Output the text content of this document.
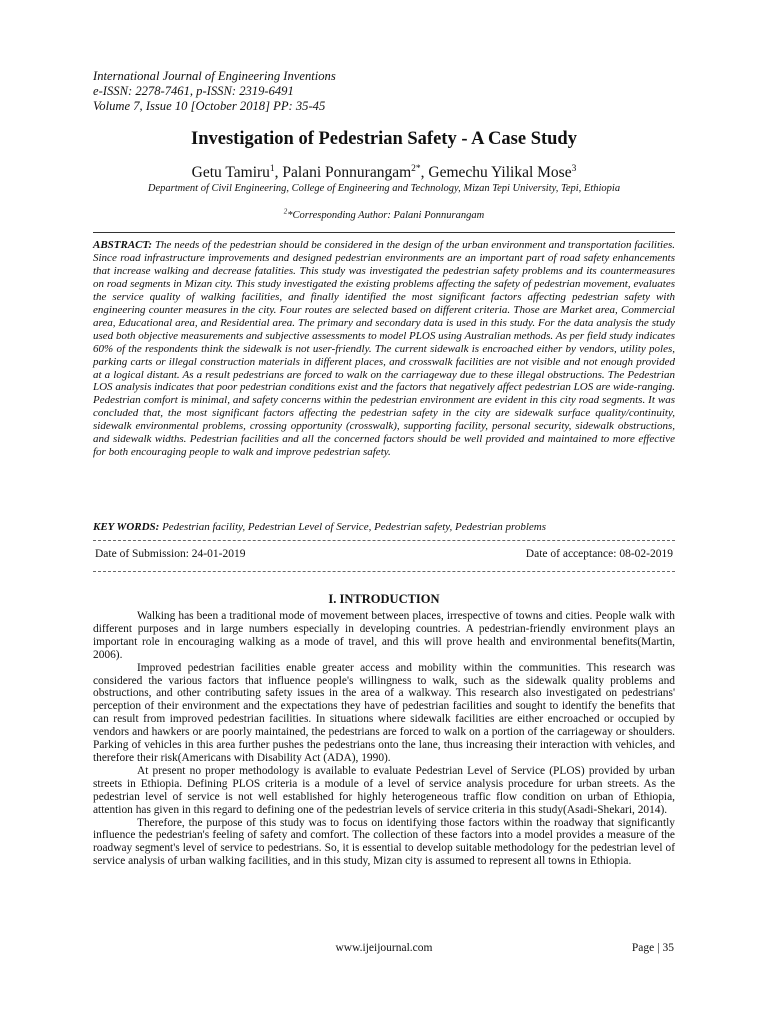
International Journal of Engineering Inventions
e-ISSN: 2278-7461, p-ISSN: 2319-6491
Volume 7, Issue 10 [October 2018] PP: 35-45
Investigation of Pedestrian Safety - A Case Study
Getu Tamiru$^1$, Palani Ponnurangam$^{2*}$, Gemechu Yilikal Mose$^3$
Department of Civil Engineering, College of Engineering and Technology, Mizan Tepi University, Tepi, Ethiopia
$^2$*Corresponding Author: Palani Ponnurangam
ABSTRACT: The needs of the pedestrian should be considered in the design of the urban environment and transportation facilities. Since road infrastructure improvements and designed pedestrian environments are an important part of road safety enhancements that increase walking and decrease fatalities. This study was investigated the pedestrian safety problems and its countermeasures on road segments in Mizan city. This study investigated the existing problems affecting the safety of pedestrian movement, evaluates the service quality of walking facilities, and finally identified the most significant factors affecting pedestrian safety with engineering counter measures in the city. Four routes are selected based on different criteria. Those are Market area, Commercial area, Educational area, and Residential area. The primary and secondary data is used in this study. For the data analysis the study used both objective measurements and subjective assessments to model PLOS using Australian methods. As per field study indicates 60% of the respondents think the sidewalk is not user-friendly. The current sidewalk is encroached either by vendors, utility poles, parking carts or illegal construction materials in different places, and crosswalk facilities are not visible and not enough provided at a logical distant. As a result pedestrians are forced to walk on the carriageway due to these illegal obstructions. The Pedestrian LOS analysis indicates that poor pedestrian conditions exist and the factors that negatively affect pedestrian LOS are wide-ranging. Pedestrian comfort is minimal, and safety concerns within the pedestrian environment are evident in this city road segments. It was concluded that, the most significant factors affecting the pedestrian safety in the city are sidewalk surface quality/continuity, sidewalk environmental problems, crossing opportunity (crosswalk), supporting facility, personal security, sidewalk obstructions, and sidewalk widths. Pedestrian facilities and all the concerned factors should be well provided and maintained to more effective for both encouraging people to walk and improve pedestrian safety.
KEY WORDS: Pedestrian facility, Pedestrian Level of Service, Pedestrian safety, Pedestrian problems
Date of Submission: 24-01-2019	Date of acceptance: 08-02-2019
I. INTRODUCTION

Walking has been a traditional mode of movement between places, irrespective of towns and cities. People walk with different purposes and in large numbers especially in developing countries. A pedestrian-friendly environment plays an important role in encouraging walking as a mode of travel, and this will prove health and environmental benefits(Martin, 2006).

Improved pedestrian facilities enable greater access and mobility within the communities. This research was considered the various factors that influence people's willingness to walk, such as the sidewalk quality problems and obstructions, and other contributing safety issues in the area of a walkway. This research also investigated on pedestrians' perception of their environment and the expectations they have of pedestrian facilities and sought to identify the benefits that can result from improved pedestrian facilities. In situations where sidewalk facilities are either encroached or occupied by vendors and hawkers or are poorly maintained, the pedestrians are forced to walk on a portion of the carriageway or shoulders. Parking of vehicles in this area further pushes the pedestrians onto the lane, thus increasing their interaction with vehicles, and therefore their risk(Americans with Disability Act (ADA), 1990).

At present no proper methodology is available to evaluate Pedestrian Level of Service (PLOS) provided by urban streets in Ethiopia. Defining PLOS criteria is a module of a level of service analysis procedure for urban streets. As the pedestrian level of service is not well established for highly heterogeneous traffic flow condition on urban of Ethiopia, attention has given in this regard to defining one of the pedestrian levels of service criteria in this study(Asadi-Shekari, 2014).

Therefore, the purpose of this study was to focus on identifying those factors within the roadway that significantly influence the pedestrian's feeling of safety and comfort. The collection of these factors into a model provides a measure of the roadway segment's level of service to pedestrians. So, it is essential to develop suitable methodology for the pedestrian level of service analysis of urban walking facilities, and in this study, Mizan city is assumed to represent all towns in Ethiopia.

www.ijeijournal.com	Page | 35
